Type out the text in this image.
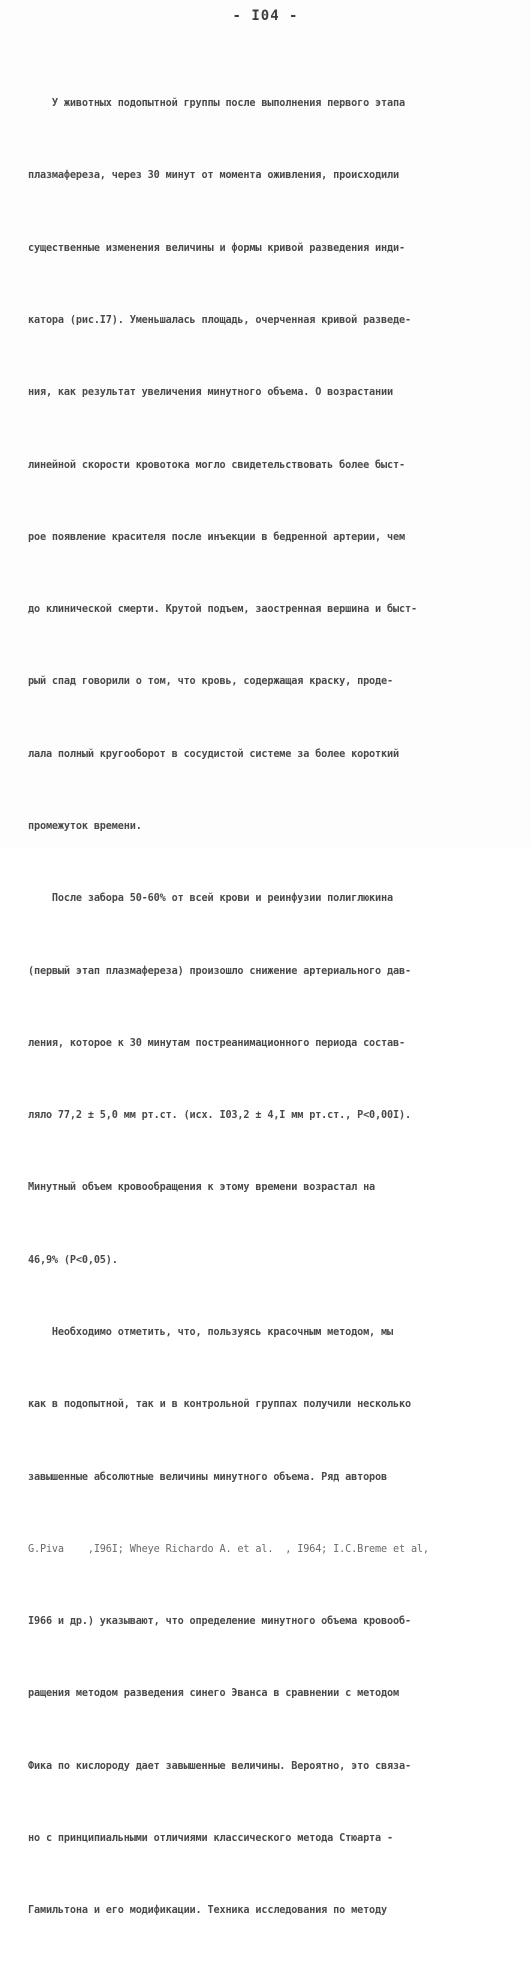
- I04 -

У животных подопытной группы после выполнения первого этапа

плазмафереза, через 30 минут от момента оживления, происходили

существенные изменения величины и формы кривой разведения инди-

катора (рис.I7). Уменьшалась площадь, очерченная кривой разведе-

ния, как результат увеличения минутного объема. О возрастании

линейной скорости кровотока могло свидетельствовать более быст-

рое появление красителя после инъекции в бедренной артерии, чем

до клинической смерти. Крутой подъем, заостренная вершина и быст-

рый спад говорили о том, что кровь, содержащая краску, проде-

лала полный кругооборот в сосудистой системе за более короткий

промежуток времени.

После забора 50-60% от всей крови и реинфузии полиглюкина

(первый этап плазмафереза) произошло снижение артериального дав-

ления, которое к 30 минутам постреанимационного периода состав-

ляло 77,2 ± 5,0 мм рт.ст. (исх. I03,2 ± 4,I мм рт.ст., P<0,00I).

Минутный объем кровообращения к этому времени возрастал на

46,9% (P<0,05).

Необходимо отметить, что, пользуясь красочным методом, мы

как в подопытной, так и в контрольной группах получили несколько

завышенные абсолютные величины минутного объема. Ряд авторов

G.Piva    ,I96I; Wheye Richardo A. et al.  , I964; I.C.Breme et al,

I966 и др.) указывают, что определение минутного объема кровооб-

ращения методом разведения синего Эванса в сравнении с методом

Фика по кислороду дает завышенные величины. Вероятно, это связа-

но с принципиальными отличиями классического метода Стюарта -

Гамильтона и его модификации. Техника исследования по методу
